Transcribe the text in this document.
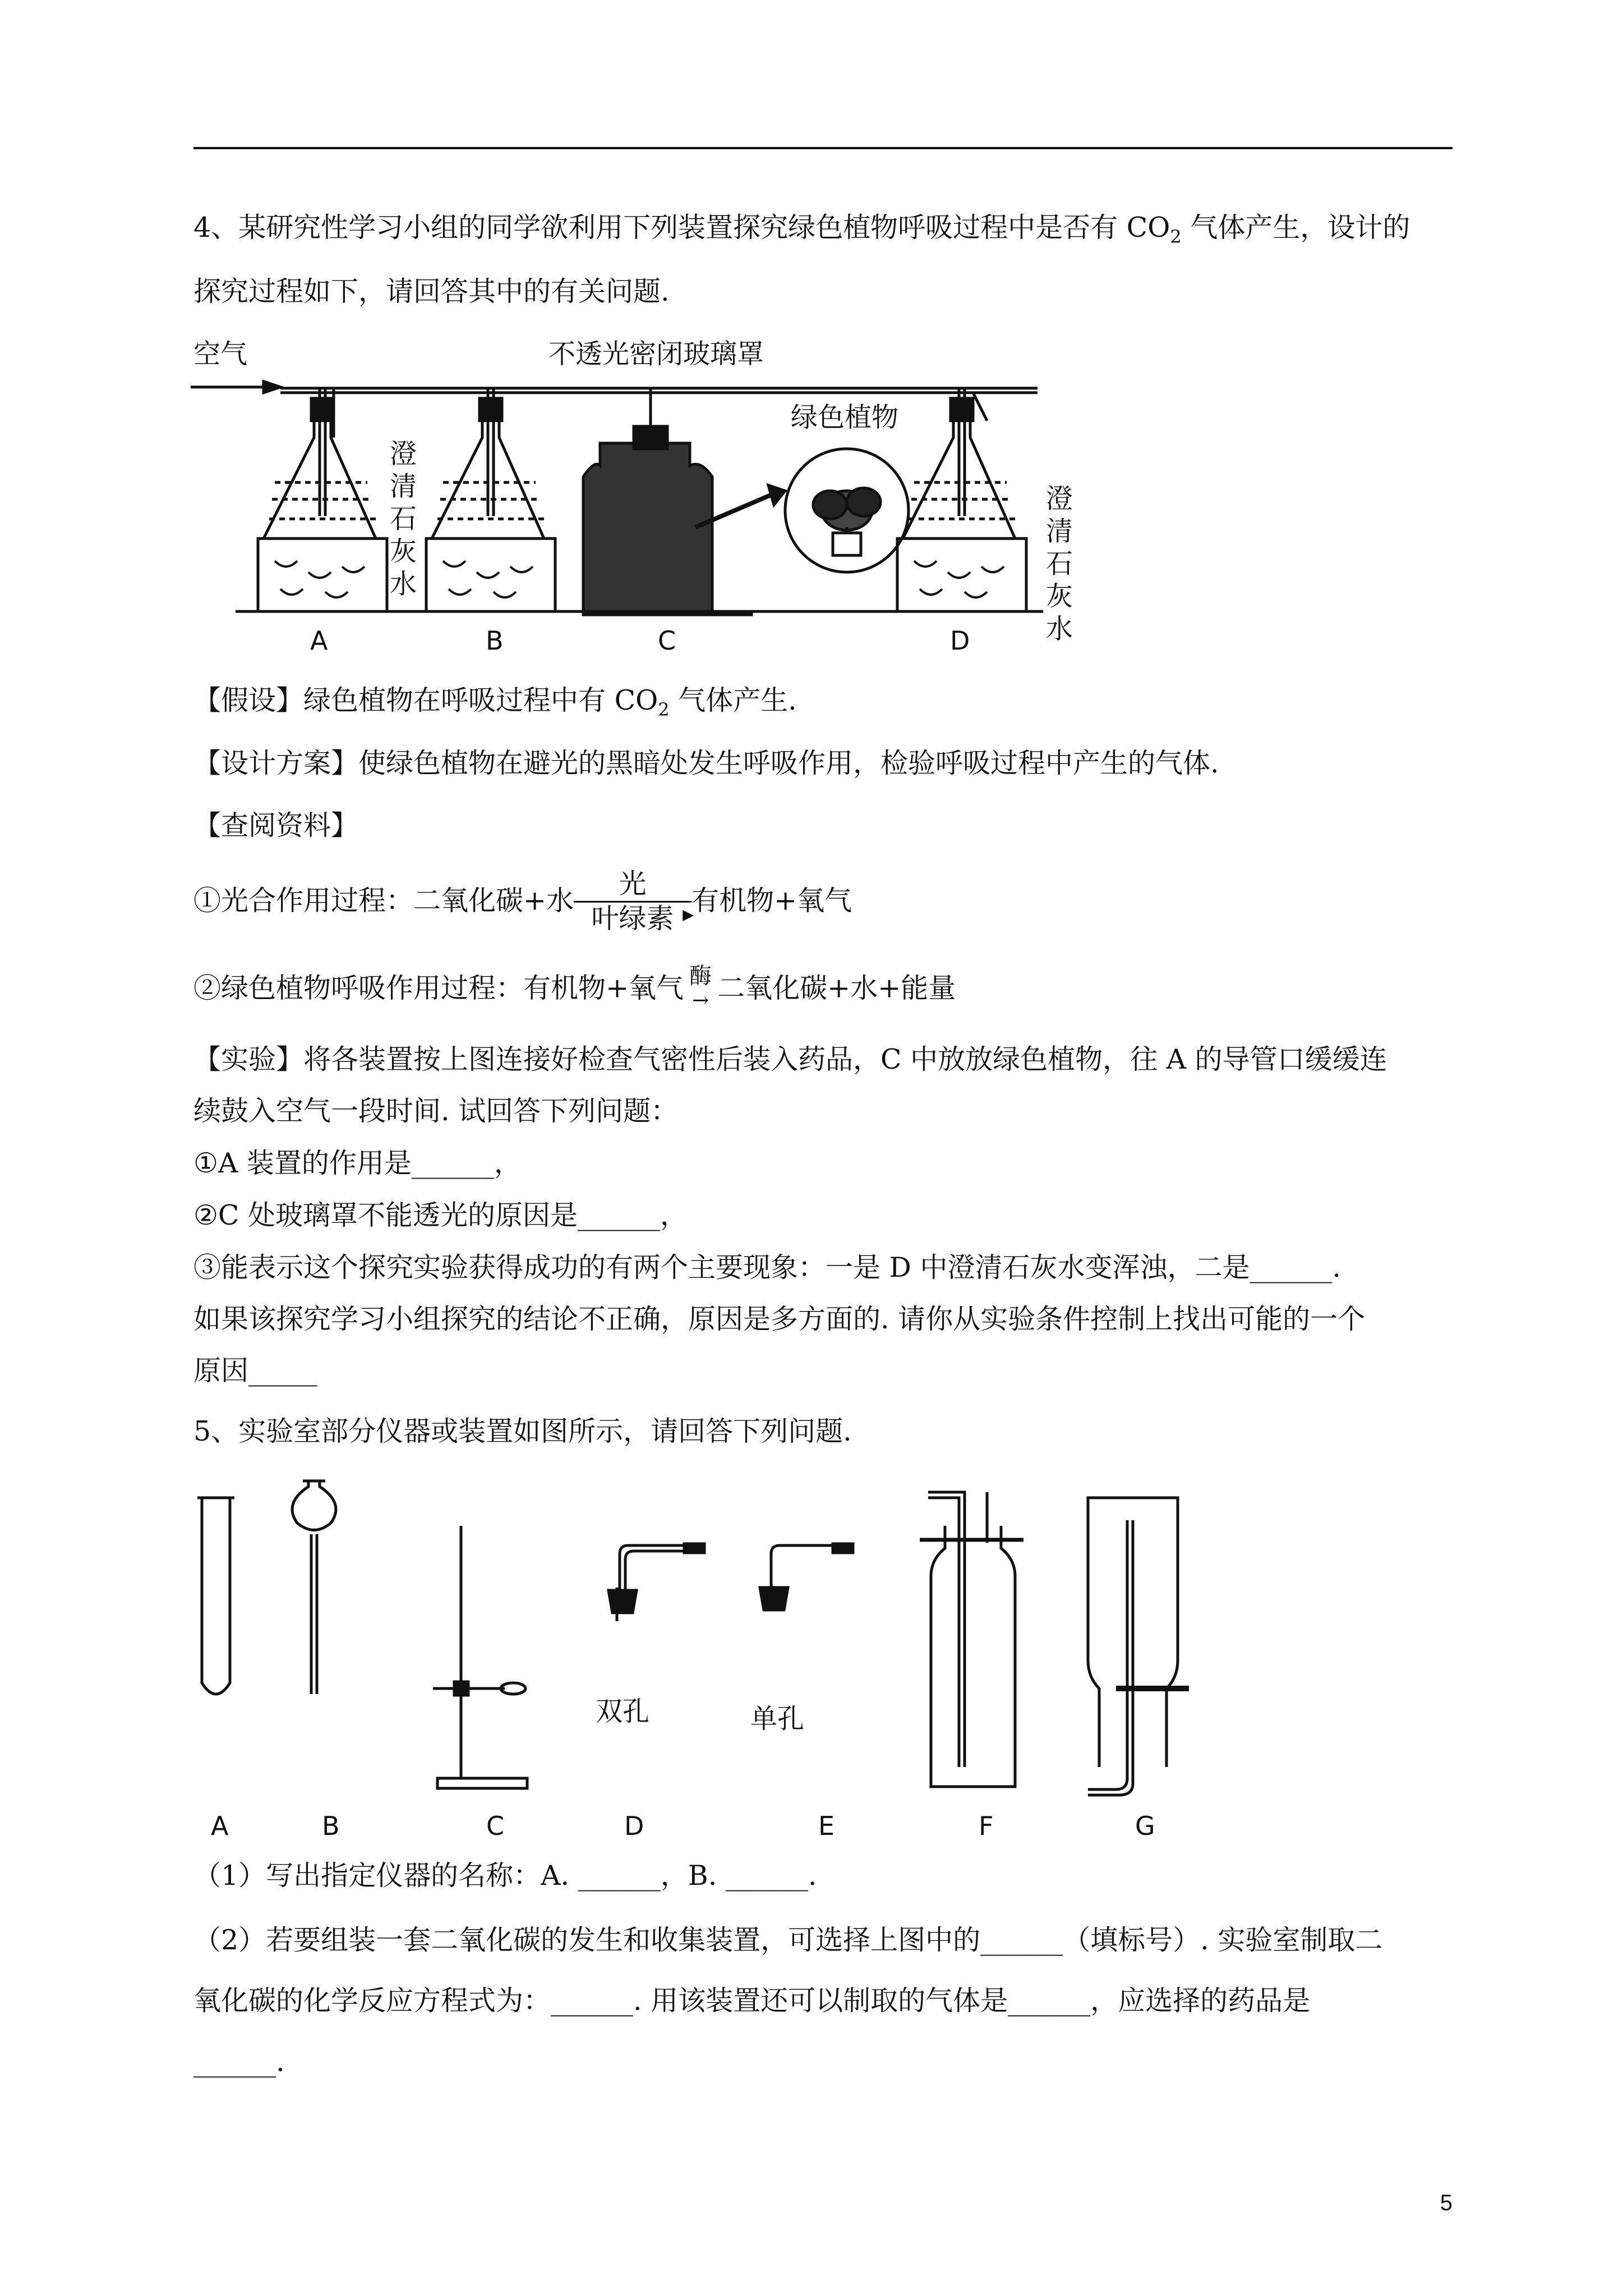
4、某研究性学习小组的同学欲利用下列装置探究绿色植物呼吸过程中是否有 $CO_2$ 气体产生，设计的

探究过程如下，请回答其中的有关问题.

空气	不透光密闭玻璃罩
绿色植物
澄清石灰水
澄清石灰水
A	B	C	D

【假设】绿色植物在呼吸过程中有 $CO_2$ 气体产生.

【设计方案】使绿色植物在避光的黑暗处发生呼吸作用，检验呼吸过程中产生的气体.

【查阅资料】

①光合作用过程：二氧化碳+水
光
▶
叶绿素
有机物+氧气

②绿色植物呼吸作用过程：有机物+氧气 酶
→ 二氧化碳+水+能量

【实验】将各装置按上图连接好检查气密性后装入药品，C 中放放绿色植物，往 A 的导管口缓缓连

续鼓入空气一段时间. 试回答下列问题：

①A 装置的作用是______，

②C 处玻璃罩不能透光的原因是______，

③能表示这个探究实验获得成功的有两个主要现象：一是 D 中澄清石灰水变浑浊，二是______.

如果该探究学习小组探究的结论不正确，原因是多方面的. 请你从实验条件控制上找出可能的一个

原因_____

5、实验室部分仪器或装置如图所示，请回答下列问题.

双孔	单孔
A	B	C	D	E	F	G

（1）写出指定仪器的名称：A. ______，B. ______.

（2）若要组装一套二氧化碳的发生和收集装置，可选择上图中的______（填标号）. 实验室制取二

氧化碳的化学反应方程式为：______. 用该装置还可以制取的气体是______，应选择的药品是

______.

5
